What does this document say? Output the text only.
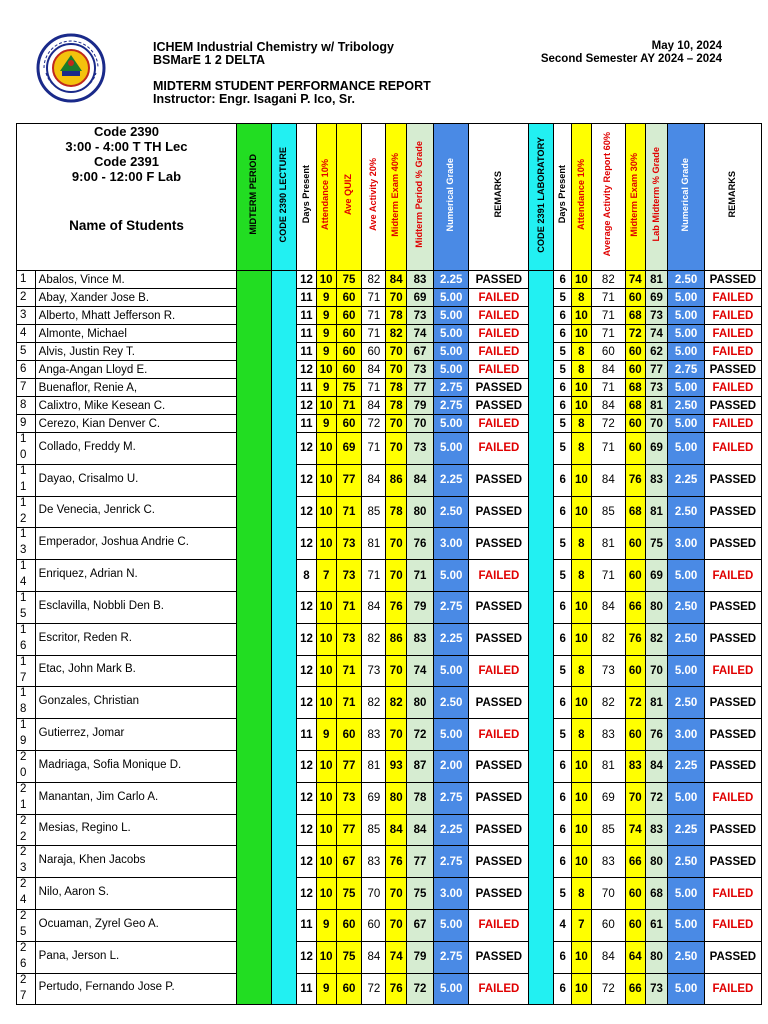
ICHEM Industrial Chemistry w/ Tribology
BSMarE 1 2 DELTA
MIDTERM STUDENT PERFORMANCE REPORT
Instructor: Engr. Isagani P. Ico, Sr.
May 10, 2024
Second Semester AY 2024 – 2024
Code 2390
3:00 - 4:00 T TH Lec
Code 2391
9:00 - 12:00 F Lab
Name of Students		MIDTERM PERIOD	CODE 2390 LECTURE	Days Present	Attendance 10%	Ave QUIZ	Ave Activity 20%	Midterm Exam 40%	Midterm Period % Grade	Numerical Grade	REMARKS	CODE 2391 LABORATORY	Days Present	Attendance 10%	Average Activity Report 60%	Midterm Exam 30%	Lab Midterm % Grade	Numerical Grade	REMARKS
1	Abalos, Vince M.			12	10	75	82	84	83	2.25	PASSED		6	10	82	74	81	2.50	PASSED
2	Abay, Xander Jose B.			11	9	60	71	70	69	5.00	FAILED		5	8	71	60	69	5.00	FAILED
3	Alberto, Mhatt Jefferson R.			11	9	60	71	78	73	5.00	FAILED		6	10	71	68	73	5.00	FAILED
4	Almonte, Michael			11	9	60	71	82	74	5.00	FAILED		6	10	71	72	74	5.00	FAILED
5	Alvis, Justin Rey T.			11	9	60	60	70	67	5.00	FAILED		5	8	60	60	62	5.00	FAILED
6	Anga-Angan Lloyd E.			12	10	60	84	70	73	5.00	FAILED		5	8	84	60	77	2.75	PASSED
7	Buenaflor, Renie A,			11	9	75	71	78	77	2.75	PASSED		6	10	71	68	73	5.00	FAILED
8	Calixtro, Mike Kesean C.			12	10	71	84	78	79	2.75	PASSED		6	10	84	68	81	2.50	PASSED
9	Cerezo, Kian Denver C.			11	9	60	72	70	70	5.00	FAILED		5	8	72	60	70	5.00	FAILED

1
0	Collado, Freddy M.			12	10	69	71	70	73	5.00	FAILED		5	8	71	60	69	5.00	FAILED

1
1	Dayao, Crisalmo U.			12	10	77	84	86	84	2.25	PASSED		6	10	84	76	83	2.25	PASSED

1
2	De Venecia, Jenrick C.			12	10	71	85	78	80	2.50	PASSED		6	10	85	68	81	2.50	PASSED

1
3	Emperador, Joshua Andrie C.			12	10	73	81	70	76	3.00	PASSED		5	8	81	60	75	3.00	PASSED

1
4	Enriquez, Adrian N.			8	7	73	71	70	71	5.00	FAILED		5	8	71	60	69	5.00	FAILED

1
5	Esclavilla, Nobbli Den B.			12	10	71	84	76	79	2.75	PASSED		6	10	84	66	80	2.50	PASSED

1
6	Escritor, Reden R.			12	10	73	82	86	83	2.25	PASSED		6	10	82	76	82	2.50	PASSED

1
7	Etac, John Mark B.			12	10	71	73	70	74	5.00	FAILED		5	8	73	60	70	5.00	FAILED

1
8	Gonzales, Christian			12	10	71	82	82	80	2.50	PASSED		6	10	82	72	81	2.50	PASSED

1
9	Gutierrez, Jomar			11	9	60	83	70	72	5.00	FAILED		5	8	83	60	76	3.00	PASSED

2
0	Madriaga, Sofia Monique D.			12	10	77	81	93	87	2.00	PASSED		6	10	81	83	84	2.25	PASSED

2
1	Manantan, Jim Carlo A.			12	10	73	69	80	78	2.75	PASSED		6	10	69	70	72	5.00	FAILED

2
2	Mesias, Regino L.			12	10	77	85	84	84	2.25	PASSED		6	10	85	74	83	2.25	PASSED

2
3	Naraja, Khen Jacobs			12	10	67	83	76	77	2.75	PASSED		6	10	83	66	80	2.50	PASSED

2
4	Nilo, Aaron S.			12	10	75	70	70	75	3.00	PASSED		5	8	70	60	68	5.00	FAILED

2
5	Ocuaman, Zyrel Geo A.			11	9	60	60	70	67	5.00	FAILED		4	7	60	60	61	5.00	FAILED

2
6	Pana, Jerson L.			12	10	75	84	74	79	2.75	PASSED		6	10	84	64	80	2.50	PASSED

2
7	Pertudo, Fernando Jose P.			11	9	60	72	76	72	5.00	FAILED		6	10	72	66	73	5.00	FAILED
